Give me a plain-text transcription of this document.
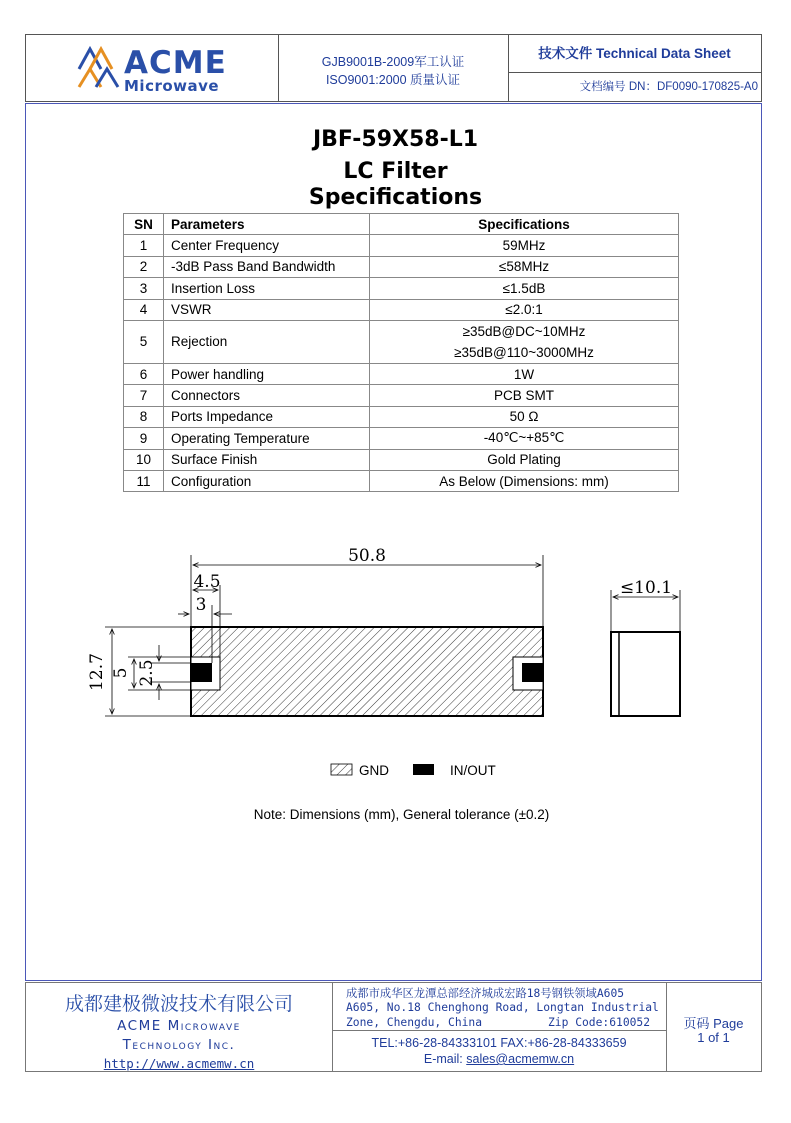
ACME
Microwave
GJB9001B-2009军工认证
ISO9001:2000 质量认证
技术文件 Technical Data Sheet
文档编号 DN：DF0090-170825-A0
JBF-59X58-L1
LC Filter
Specifications
SN	Parameters	Specifications
1	Center Frequency	59MHz
2	-3dB Pass Band Bandwidth	≤58MHz
3	Insertion Loss	≤1.5dB
4	VSWR	≤2.0:1
5	Rejection	≥35dB@DC~10MHz
≥35dB@110~3000MHz

6	Power handling	1W
7	Connectors	PCB SMT
8	Ports Impedance	50 Ω
9	Operating Temperature	-40℃~+85℃
10	Surface Finish	Gold Plating
11	Configuration	As Below (Dimensions: mm)
50.8
4.5
3
12.7 5 2.5
≤10.1
GND	IN/OUT
Note: Dimensions (mm), General tolerance (±0.2)
成都建极微波技术有限公司
ACME Microwave
Technology Inc.
http://www.acmemw.cn
成都市成华区龙潭总部经济城成宏路18号钢铁领域A605
A605, No.18 Chenghong Road, Longtan Industrial
Zone, Chengdu, China	Zip Code:610052
TEL:+86-28-84333101 FAX:+86-28-84333659
E-mail: sales@acmemw.cn
页码 Page
1 of 1
